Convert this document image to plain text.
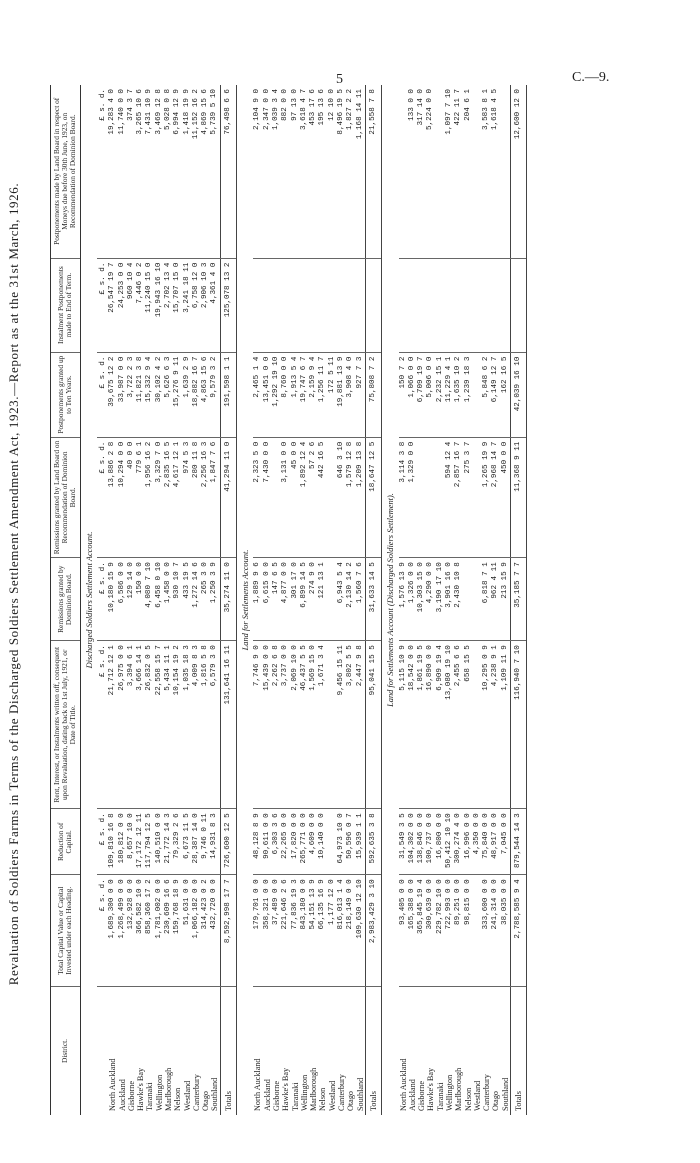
5	C.—9.
Revaluation of Soldiers Farms in Terms of the Discharged Soldiers Settlement Amendment Act, 1923.—Report as at the 31st March, 1926.
District.	Total Capital Value or Capital Invested under each Heading.	Reduction of Capital.	Rent, Interest, or Instalments written off, consequent upon Revaluation, dating back to 1st July, 1921, or Date of Title.	Remissions granted by Dominion Board.	Remissions granted by Land Board on Recommendation of Dominion Board.	Postponements granted up to Ten Years.	Instalment Postponements made to End of Term.	Postponements made by Land Board in respect of Moneys due before 30th June, 1923, on Recommendation of Dominion Board.
Discharged Soldiers Settlement Account.								
	£ s. d.	£ s. d.	£ s. d.	£ s. d.	£ s. d.	£ s. d.	£ s. d.	£ s. d.
North Auckland	1,689,300 0 0	109,810 16 8	21,712 12 1	10,180 15 9	13,886 2 8	39,675 12 2	26,547 19 7	19,283 4 0
Auckland	1,268,499 0 0	180,812 0 0	26,975 0 0	6,586 0 0	10,294 0 0	33,987 0 0	24,253 0 0	11,740 0 0
Gisborne	132,928 0 0	8,657 10 0	3,394 6 1	129 14 0	40 0 0	3,722 2 3	960 10 4	374 3 7
Hawke's Bay	366,582 10 0	17,172 12 11	3,666 14 1	150 0 0	779 6 1	11,821 3 8	7,446 0 2	3,265 10 6
Taranaki	858,360 17 2	117,794 12 5	26,832 0 5	4,080 7 10	1,956 16 2	15,332 9 4	11,240 15 0	7,431 10 9
Wellington	1,781,002 0 0	140,510 0 0	22,558 15 7	6,458 0 10	3,329 7 0	30,102 4 2	19,943 16 10	3,469 12 8
Marlborough	230,609 16 6	21,772 14 3	5,434 11 1	1,458 0 0	2,835 16 5	5,626 6 3	2,702 13 4	5,028 0 8
Nelson	159,768 18 9	79,329 2 6	10,154 19 2	930 10 7	4,617 12 1	15,276 9 11	15,707 15 0	6,994 12 9
Westland	51,631 0 0	6,673 11 5	1,035 18 3	433 19 5	974 5 3	1,639 2 9	3,241 18 11	1,418 19 9
Canterbury	1,066,182 0 0	28,387 14 0	4,009 8 3	1,272 14 6	280 11 8	18,882 16 7	6,758 12 0	11,152 16 2
Otago	314,423 0 2	9,746 0 11	1,816 5 8	265 3 0	2,256 16 3	4,863 15 6	2,906 10 3	4,869 15 6
Southland	432,720 0 0	14,931 8 3	6,579 3 0	1,250 3 9	1,847 7 6	9,579 3 2	4,361 4 0	5,739 5 10
Totals	8,592,998 17 7	726,600 12 5	131,641 16 11	35,274 11 0	41,294 11 0	191,598 1 1	125,078 13 2	76,498 6 6
Land for Settlements Account.								
North Auckland	179,701 0 0	48,128 8 9	7,746 9 0	1,889 9 6	2,323 5 0	2,465 1 4		2,104 9 0
Auckland	358,321 0 0	90,611 0 0	15,439 0 0	6,615 0 0	7,430 0 0	13,451 0 0		2,347 0 0
Gisborne	37,489 0 0	6,303 3 6	2,262 6 8	147 6 5		1,292 19 10		1,039 3 4
Hawke's Bay	221,646 2 6	22,265 0 0	3,737 0 0	4,877 0 0	3,131 0 0	8,760 0 0		882 0 0
Taranaki	77,836 19 3	17,820 0 0	2,069 10 0	301 17 0	45 0 0	1,913 5 4		97 13 0
Wellington	843,180 0 0	265,771 0 0	46,437 5 5	6,899 14 5	1,892 12 4	19,747 6 7		3,618 4 7
Marlborough	54,151 13 9	4,609 0 0	1,569 15 0	274 9 0	57 2 6	2,159 9 4		453 17 6
Nelson	66,135 16 9	10,140 0 0	1,671 3 4	121 13 1	442 16 5	1,256 11 7		195 13 6
Westland	1,177 12 0					172 5 11		12 10 0
Canterbury	816,013 1 4	64,973 10 0	9,456 15 11	6,943 5 4	646 3 10	19,881 13 9		8,496 19 5
Otago	218,149 0 0	50,596 0 7	3,802 5 5	2,130 14 2	1,579 12 8	3,908 4 0		1,827 2 2
Southland	109,630 12 10	15,939 1 1	2,447 9 8	1,560 7 6	1,209 13 8	927 7 3		1,168 14 11
Totals	2,983,429 3 10	592,635 3 8	95,041 15 5	31,633 14 5	18,647 12 5	75,808 7 2		21,558 7 8
Land for Settlements Account (Discharged Soldiers Settlement).								
North Auckland	93,405 0 0	31,549 3 5	5,115 10 9	1,576 13 9	3,114 3 8	150 7 2		
Auckland	165,388 0 0	104,302 0 0	18,542 0 0	1,326 0 0	1,329 0 0	1,066 0 0		133 0 0
Gisborne	365,845 19 4	138,846 0 0	1,861 19 5	10,303 15 0		6,709 19 7		317 14 0
Hawke's Bay	300,639 0 0	100,737 0 0	16,890 0 0	4,290 0 0		5,006 0 0		5,224 0 0
Taranaki	229,782 10 0	16,800 0 0	6,909 19 4	3,190 17 10		2,232 15 1		
Wellington	722,993 0 0	50,412 10 10	13,080 19 10	3,901 16 0	594 12 4	11,229 4 1		1,097 7 10
Marlborough	89,251 0 0	300,274 4 0	2,455 6 6	2,430 10 8	2,857 16 7	1,635 10 2		422 11 7
Nelson	98,815 0 0	16,996 0 0	658 15 5		275 3 7	1,239 18 3		204 6 1
Westland		4,350 0 0						
Canterbury	333,600 0 0	75,840 0 0	10,295 0 9	6,818 7 1	1,265 19 9	5,848 6 2		3,583 8 1
Otago	241,314 0 0	48,917 0 0	4,238 9 1	962 4 11	2,968 14 7	6,149 12 7		1,618 4 5
Southland	38,035 0 0	7,045 0 0	1,109 11 9	213 15 9	450 0 0	162 16 5		
Totals	2,788,585 9 4	879,544 14 3	116,940 7 10	35,185 7 7	11,368 9 11	42,039 16 10		12,600 12 0
